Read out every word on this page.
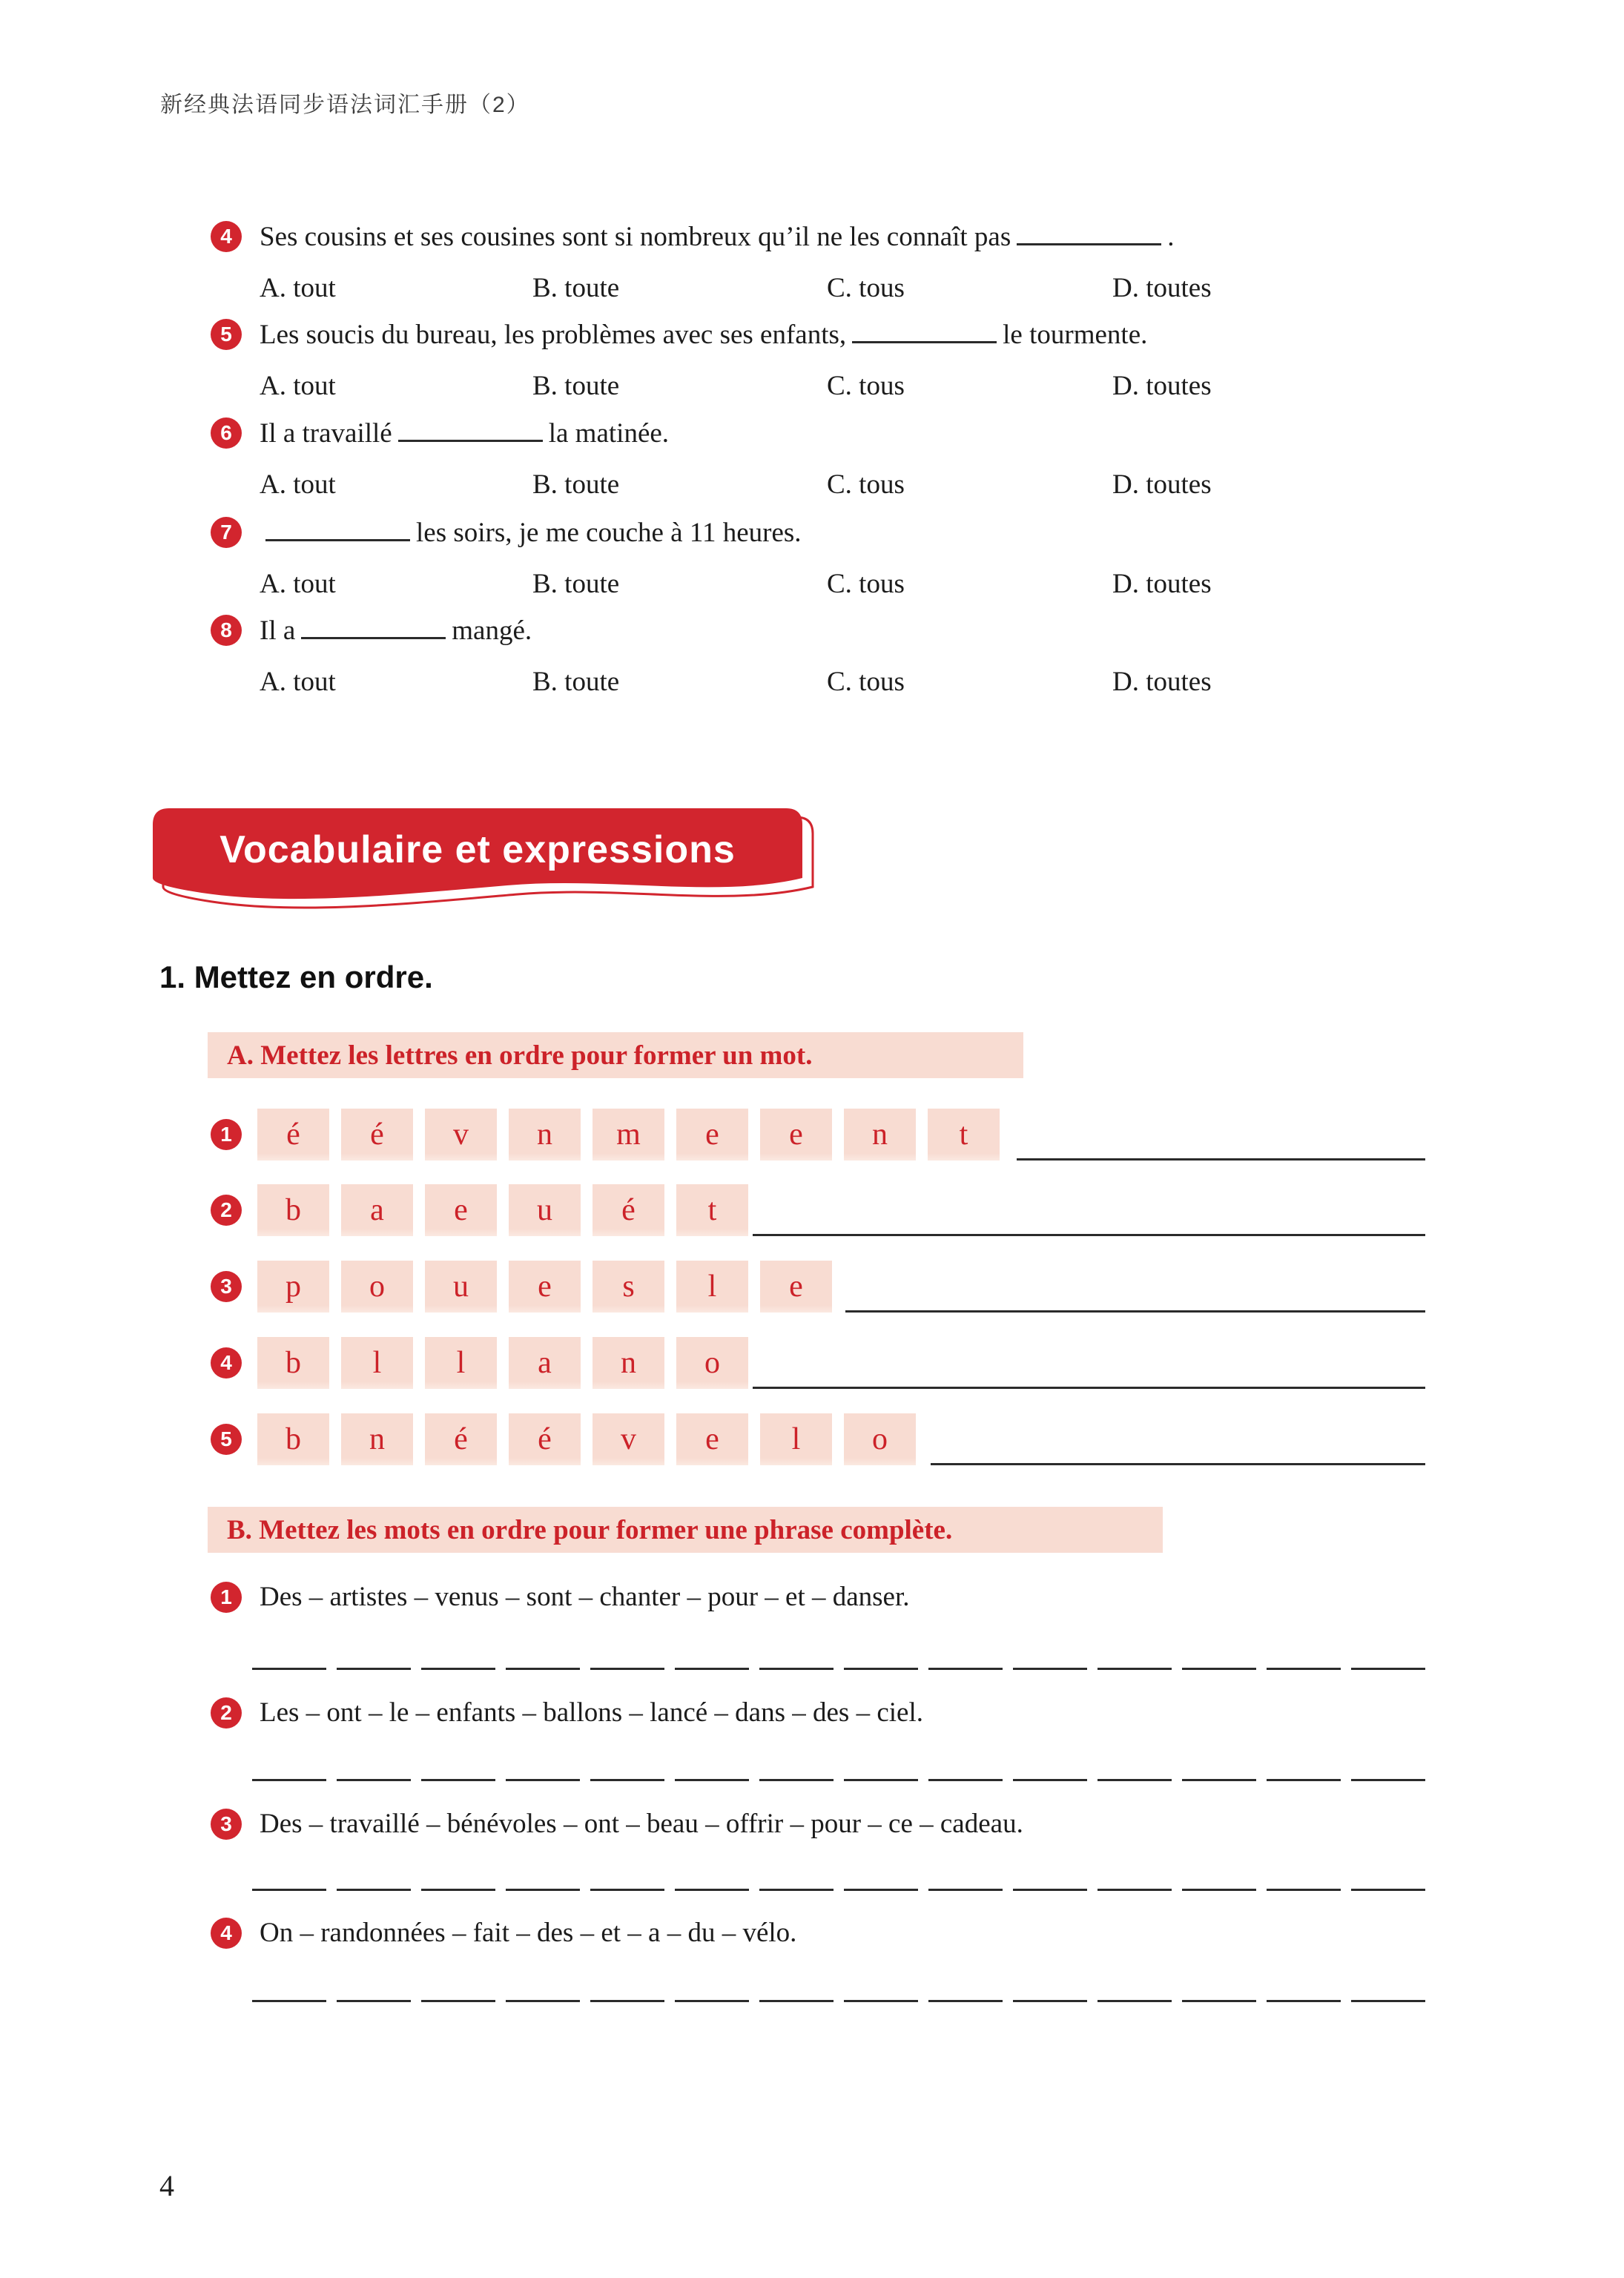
新经典法语同步语法词汇手册（2）
4	Ses cousins et ses cousines sont si nombreux qu’il ne les connaît pas	.
A. tout	B. toute	C. tous	D. toutes
5	Les soucis du bureau, les problèmes avec ses enfants,	le tourmente.
A. tout	B. toute	C. tous	D. toutes
6	Il a travaillé	la matinée.
A. tout	B. toute	C. tous	D. toutes
7	les soirs, je me couche à 11 heures.
A. tout	B. toute	C. tous	D. toutes
8	Il a	mangé.
A. tout	B. toute	C. tous	D. toutes
Vocabulaire et expressions
1. Mettez en ordre.
A. Mettez les lettres en ordre pour former un mot.
1	é	é	v	n	m	e	e	n	t
2	b	a	e	u	é	t
3	p	o	u	e	s	l	e
4	b	l	l	a	n	o
5	b	n	é	é	v	e	l	o
B. Mettez les mots en ordre pour former une phrase complète.
1	Des – artistes – venus – sont – chanter – pour – et – danser.
2	Les – ont – le – enfants – ballons – lancé – dans – des – ciel.
3	Des – travaillé – bénévoles – ont – beau – offrir – pour – ce – cadeau.
4	On – randonnées – fait – des – et – a – du – vélo.
4
